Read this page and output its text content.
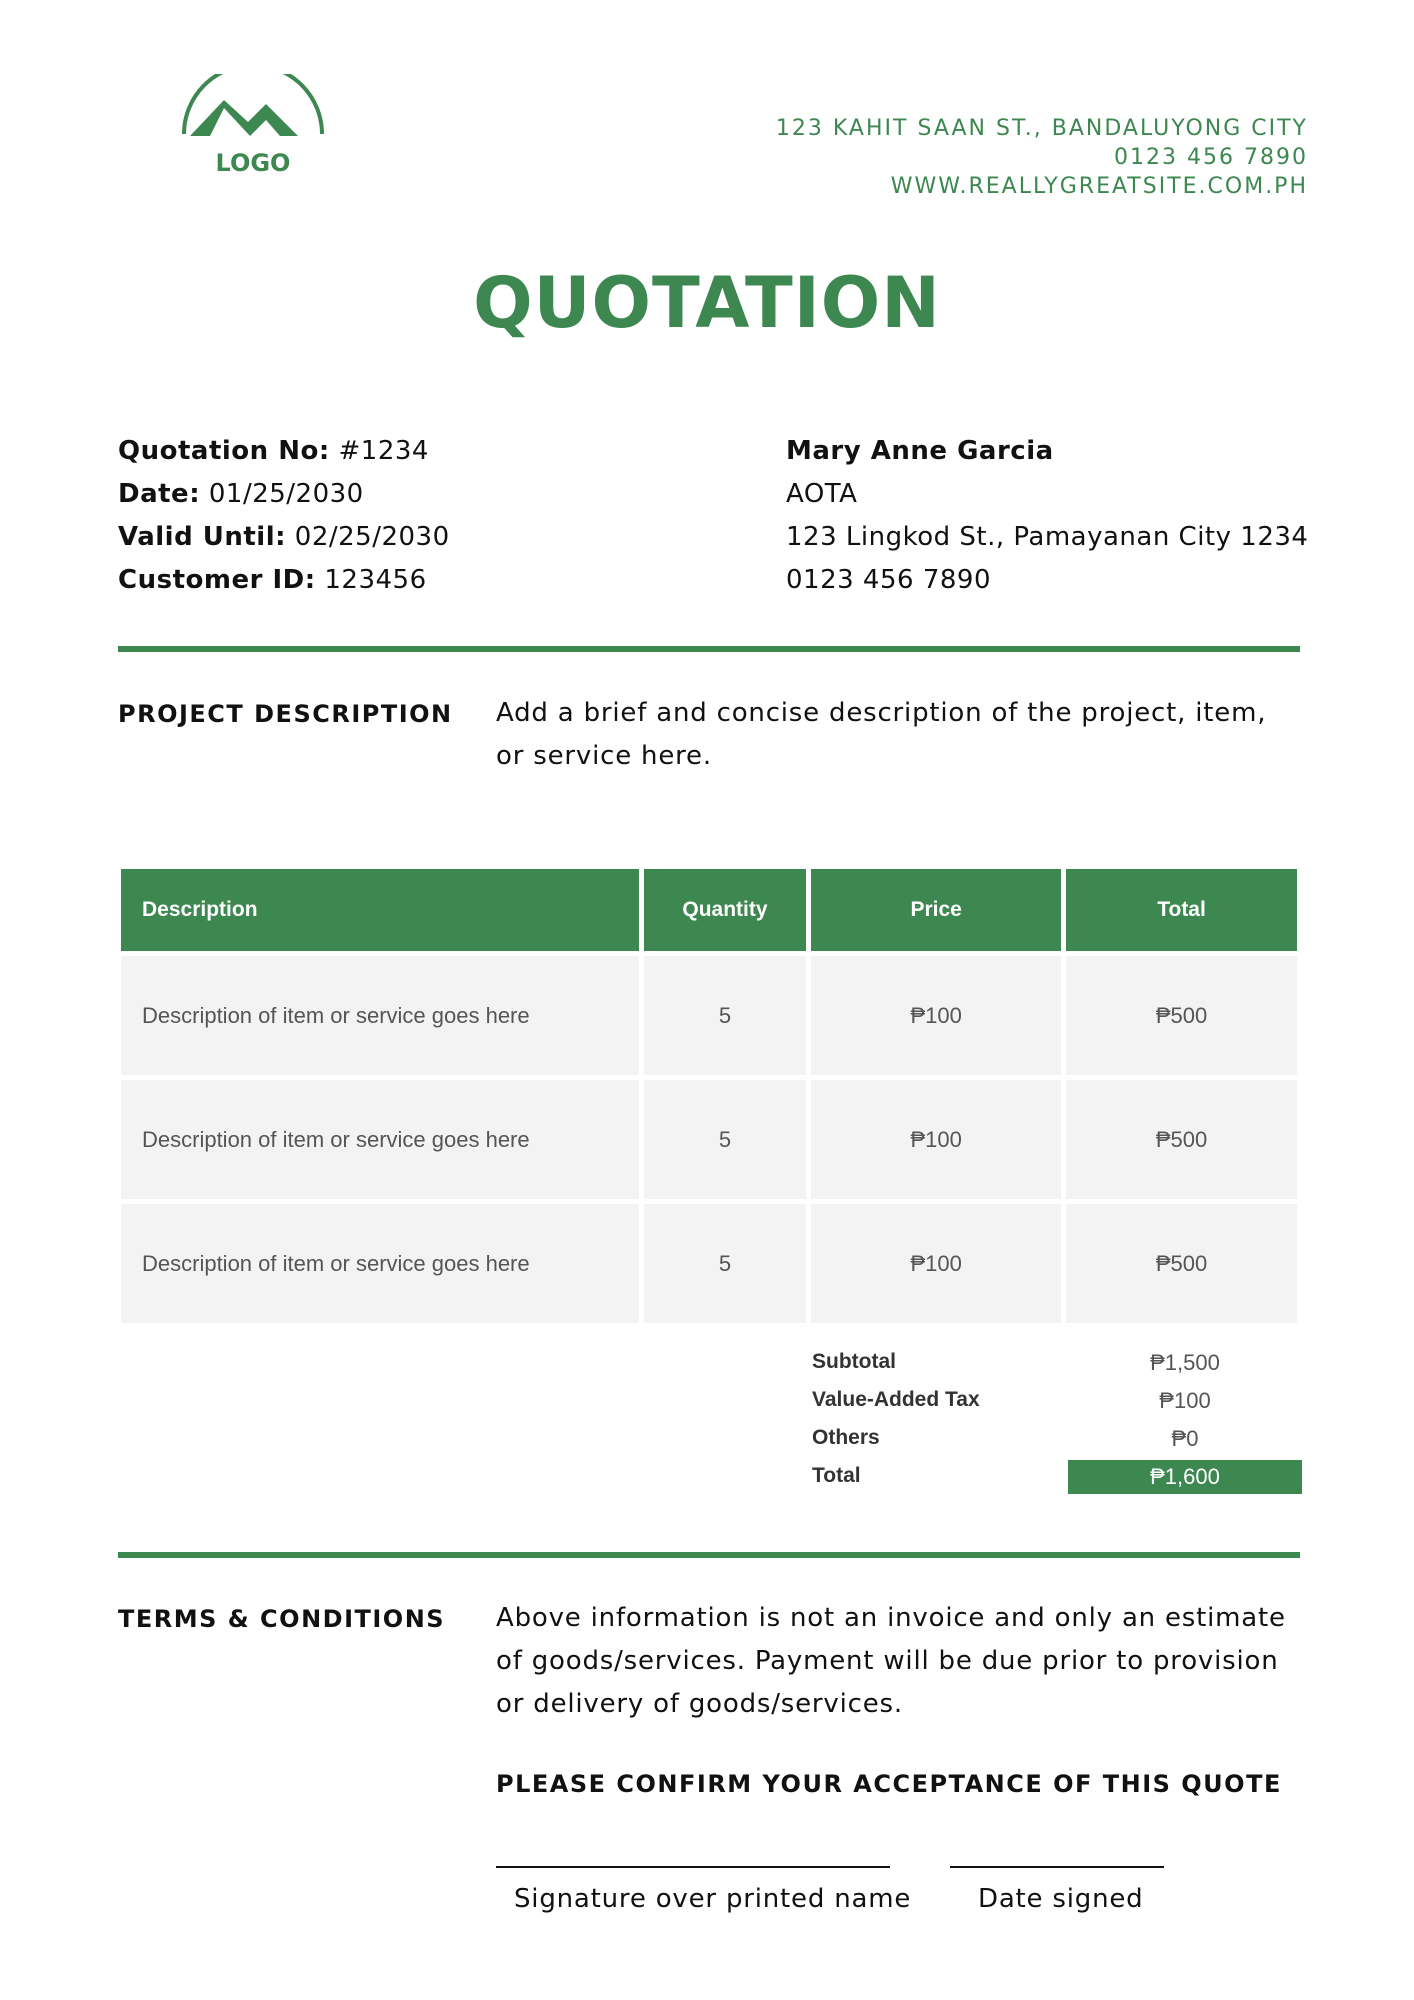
LOGO
123 KAHIT SAAN ST., BANDALUYONG CITY
0123 456 7890
WWW.REALLYGREATSITE.COM.PH
QUOTATION
Quotation No: #1234
Date: 01/25/2030
Valid Until: 02/25/2030
Customer ID: 123456
Mary Anne Garcia
AOTA
123 Lingkod St., Pamayanan City 1234
0123 456 7890
PROJECT DESCRIPTION Add a brief and concise description of the project, item, or service here.
Description	Quantity	Price	Total
Description of item or service goes here	5	₱100	₱500
Description of item or service goes here	5	₱100	₱500
Description of item or service goes here	5	₱100	₱500
Subtotal	₱1,500
Value-Added Tax	₱100
Others	₱0
Total	₱1,600
TERMS & CONDITIONS Above information is not an invoice and only an estimate of goods/services. Payment will be due prior to provision or delivery of goods/services.
PLEASE CONFIRM YOUR ACCEPTANCE OF THIS QUOTE
Signature over printed name	Date signed
